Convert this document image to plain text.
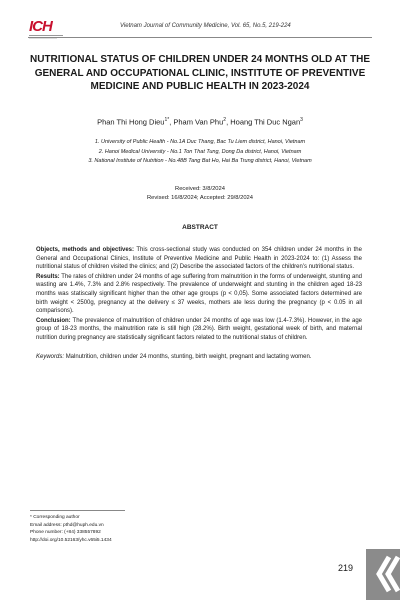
ICH	Vietnam Journal of Community Medicine, Vol. 65, No.5, 219-224
NUTRITIONAL STATUS OF CHILDREN UNDER 24 MONTHS OLD AT THE GENERAL AND OCCUPATIONAL CLINIC, INSTITUTE OF PREVENTIVE MEDICINE AND PUBLIC HEALTH IN 2023-2024
Phan Thi Hong Dieu$^{1*}$, Pham Van Phu$^2$, Hoang Thi Duc Ngan$^3$
1. University of Public Health - No.1A Duc Thang, Bac Tu Liem district, Hanoi, Vietnam
2. Hanoi Medical University - No.1 Ton That Tung, Dong Da district, Hanoi, Vietnam
3. National Institute of Nutrition - No.48B Tang Bat Ho, Hai Ba Trung district, Hanoi, Vietnam
Received: 3/8/2024
Revised: 16/8/2024; Accepted: 29/8/2024
ABSTRACT

Objects, methods and objectives: This cross-sectional study was conducted on 354 children under 24 months in the General and Occupational Clinics, Institute of Preventive Medicine and Public Health in 2023-2024 to: (1) Assess the nutritional status of children visited the clinics; and (2) Describe the associated factors of the children’s nutritional status.

Results: The rates of children under 24 months of age suffering from malnutrition in the forms of underweight, stunting and wasting are 1.4%, 7.3% and 2.8% respectively. The prevalence of underweight and stunting in the children aged 18-23 months was statiscally significant higher than the other age groups (p < 0,05). Some associated factors determined are birth weight < 2500g, pregnancy at the delivery ≤ 37 weeks, mothers ate less during the pregnancy (p < 0.05 in all comparisons).

Conclusion: The prevalence of malnutrition of children under 24 months of age was low (1.4-7.3%). However, in the age group of 18-23 months, the malnutrition rate is still high (28.2%). Birth weight, gestational week of birth, and maternal nutrition during pregnancy are statistically significant factors related to the nutritional status of children.

Keywords: Malnutrition, children under 24 months, stunting, birth weight, pregnant and lactating women.

* Corresponding author
Email address: pthd@huph.edu.vn
Phone number: (+84) 338557892
http://doi.org/10.52163/yhc.v65i5.1434
219
